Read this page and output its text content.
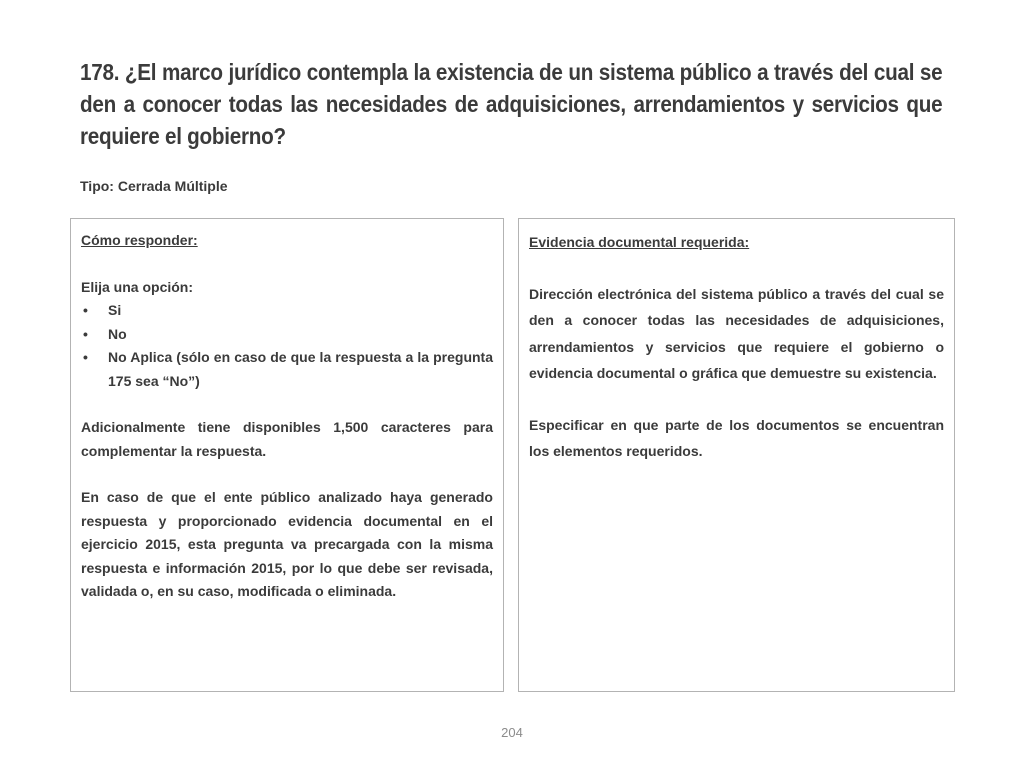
178. ¿El marco jurídico contempla la existencia de un sistema público a través del cual se den a conocer todas las necesidades de adquisiciones, arrendamientos y servicios que requiere el gobierno?
Tipo: Cerrada Múltiple
Cómo responder:
Elija una opción:
• Si
• No
• No Aplica (sólo en caso de que la respuesta a la pregunta 175 sea “No”)

Adicionalmente tiene disponibles 1,500 caracteres para complementar la respuesta.

En caso de que el ente público analizado haya generado respuesta y proporcionado evidencia documental en el ejercicio 2015, esta pregunta va precargada con la misma respuesta e información 2015, por lo que debe ser revisada, validada o, en su caso, modificada o eliminada.

Evidencia documental requerida:

Dirección electrónica del sistema público a través del cual se den a conocer todas las necesidades de adquisiciones, arrendamientos y servicios que requiere el gobierno o evidencia documental o gráfica que demuestre su existencia.

Especificar en que parte de los documentos se encuentran los elementos requeridos.

204
